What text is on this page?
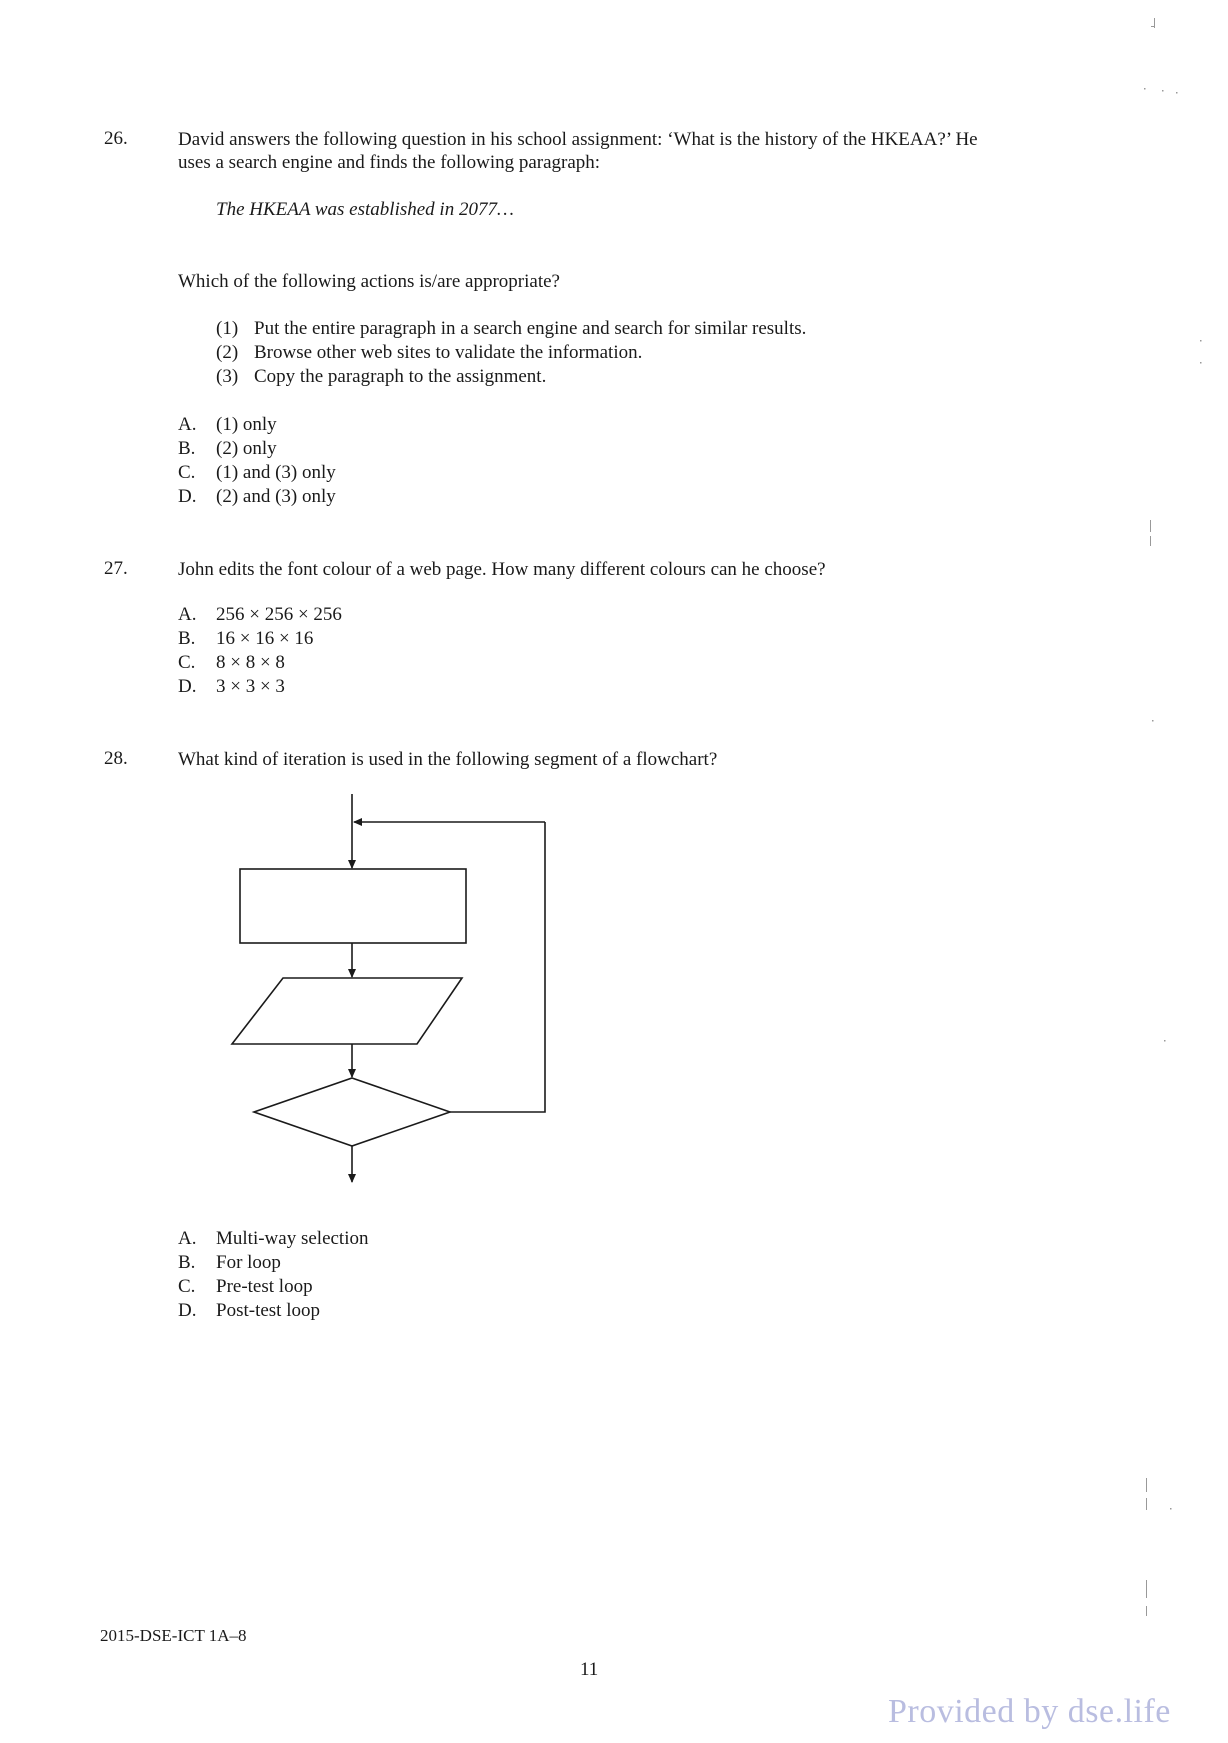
26.	David answers the following question in his school assignment: ‘What is the history of the HKEAA?’ He
uses a search engine and finds the following paragraph:
The HKEAA was established in 2077…
Which of the following actions is/are appropriate?
(1) Put the entire paragraph in a search engine and search for similar results.
(2) Browse other web sites to validate the information.
(3) Copy the paragraph to the assignment.
A. (1) only
B. (2) only
C. (1) and (3) only
D. (2) and (3) only
27.	John edits the font colour of a web page. How many different colours can he choose?
A. 256 × 256 × 256
B. 16 × 16 × 16
C. 8 × 8 × 8
D. 3 × 3 × 3
28.	What kind of iteration is used in the following segment of a flowchart?
A. Multi-way selection
B. For loop
C. Pre-test loop
D. Post-test loop
2015-DSE-ICT 1A–8
11
Provided by dse.life
